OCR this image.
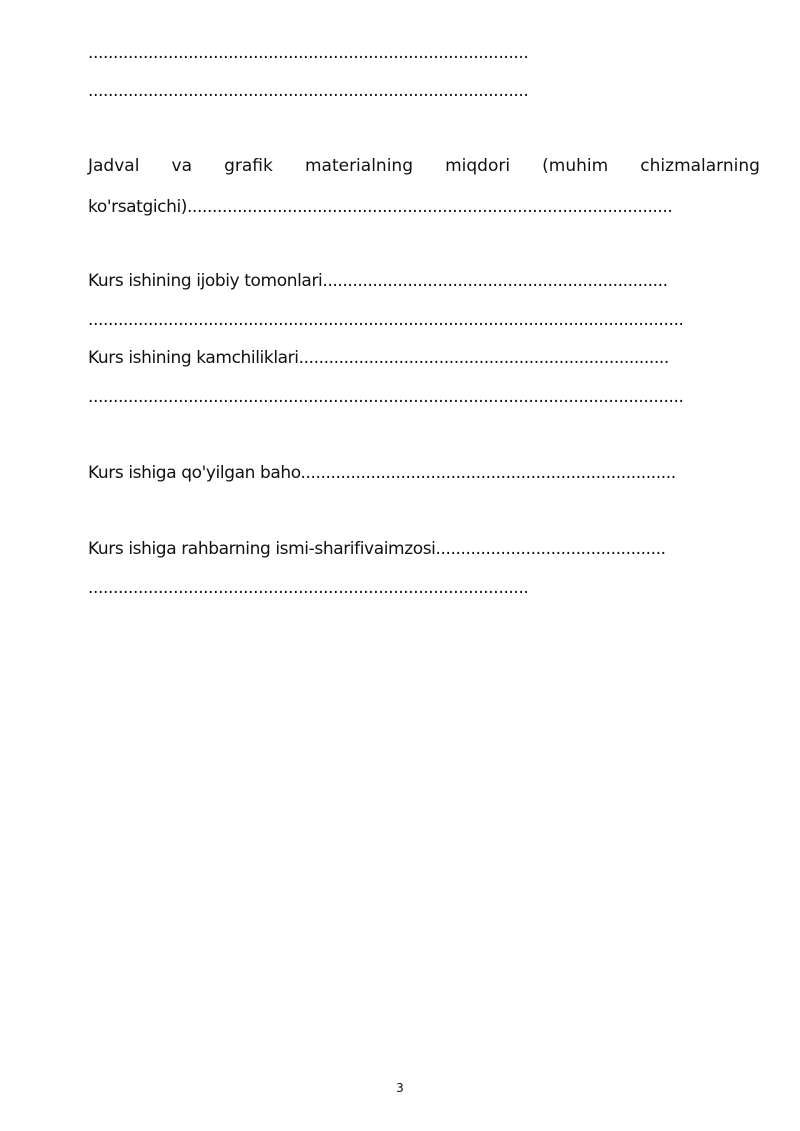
........................................................................................
........................................................................................
Jadval va grafik materialning miqdori (muhim chizmalarning
ko'rsatgichi).................................................................................................
Kurs ishining ijobiy tomonlari.....................................................................
.......................................................................................................................
Kurs ishining kamchiliklari..........................................................................
.......................................................................................................................
Kurs ishiga qo'yilgan baho...........................................................................
Kurs ishiga rahbarning ismi-sharifivaimzosi..............................................
........................................................................................
3
